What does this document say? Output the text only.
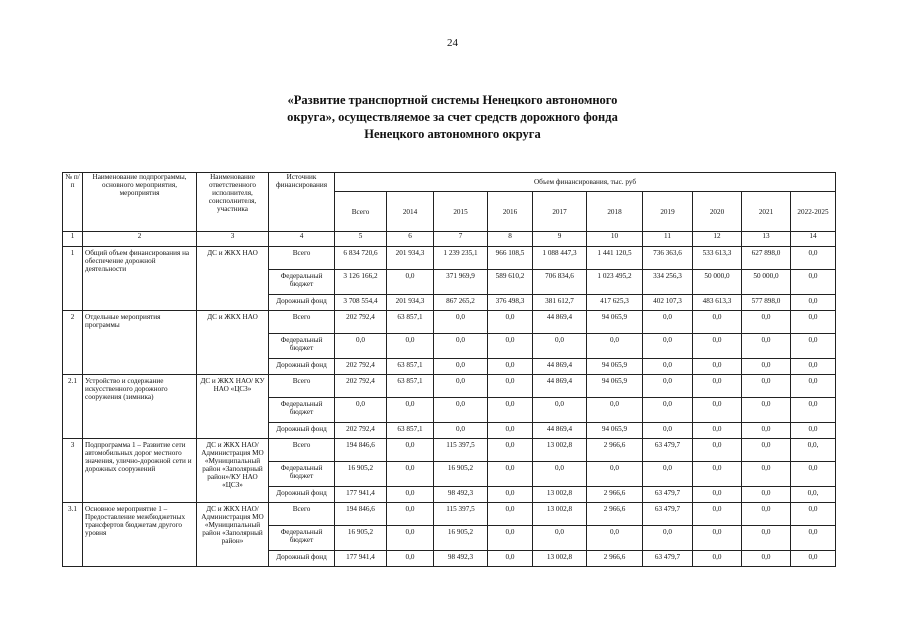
24
«Развитие транспортной системы Ненецкого автономного
округа», осуществляемое за счет средств дорожного фонда
Ненецкого автономного округа
№ п/п	Наименование подпрограммы, основного мероприятия, мероприятия	Наименование ответственного исполнителя, соисполнителя, участника	Источник финансирования	Объем финансирования, тыс. руб									
				Всего	2014	2015	2016	2017	2018	2019	2020	2021	2022-2025
1	2	3	4	5	6	7	8	9	10	11	12	13	14
1	Общий объем финансирования на обеспечение дорожной деятельности	ДС и ЖКХ НАО	Всего	6 834 720,6	201 934,3	1 239 235,1	966 108,5	1 088 447,3	1 441 120,5	736 363,6	533 613,3	627 898,0	0,0
			Федеральный бюджет	3 126 166,2	0,0	371 969,9	589 610,2	706 834,6	1 023 495,2	334 256,3	50 000,0	50 000,0	0,0
			Дорожный фонд	3 708 554,4	201 934,3	867 265,2	376 498,3	381 612,7	417 625,3	402 107,3	483 613,3	577 898,0	0,0
2	Отдельные мероприятия программы	ДС и ЖКХ НАО	Всего	202 792,4	63 857,1	0,0	0,0	44 869,4	94 065,9	0,0	0,0	0,0	0,0
			Федеральный бюджет	0,0	0,0	0,0	0,0	0,0	0,0	0,0	0,0	0,0	0,0
			Дорожный фонд	202 792,4	63 857,1	0,0	0,0	44 869,4	94 065,9	0,0	0,0	0,0	0,0
2.1	Устройство и содержание искусственного дорожного сооружения (зимника)	ДС и ЖКХ НАО/ КУ НАО «ЦСЗ»	Всего	202 792,4	63 857,1	0,0	0,0	44 869,4	94 065,9	0,0	0,0	0,0	0,0
			Федеральный бюджет	0,0	0,0	0,0	0,0	0,0	0,0	0,0	0,0	0,0	0,0
			Дорожный фонд	202 792,4	63 857,1	0,0	0,0	44 869,4	94 065,9	0,0	0,0	0,0	0,0
3	Подпрограмма 1 – Развитие сети автомобильных дорог местного значения, улично-дорожной сети и дорожных сооружений	ДС и ЖКХ НАО/ Администрация МО «Муниципальный район «Заполярный район»/КУ НАО «ЦСЗ»	Всего	194 846,6	0,0	115 397,5	0,0	13 002,8	2 966,6	63 479,7	0,0	0,0	0,0,
			Федеральный бюджет	16 905,2	0,0	16 905,2	0,0	0,0	0,0	0,0	0,0	0,0	0,0
			Дорожный фонд	177 941,4	0,0	98 492,3	0,0	13 002,8	2 966,6	63 479,7	0,0	0,0	0,0,
3.1	Основное мероприятие 1 – Предоставление межбюджетных трансфертов бюджетам другого уровня	ДС и ЖКХ НАО/ Администрация МО «Муниципальный район «Заполярный район»	Всего	194 846,6	0,0	115 397,5	0,0	13 002,8	2 966,6	63 479,7	0,0	0,0	0,0
			Федеральный бюджет	16 905,2	0,0	16 905,2	0,0	0,0	0,0	0,0	0,0	0,0	0,0
			Дорожный фонд	177 941,4	0,0	98 492,3	0,0	13 002,8	2 966,6	63 479,7	0,0	0,0	0,0
